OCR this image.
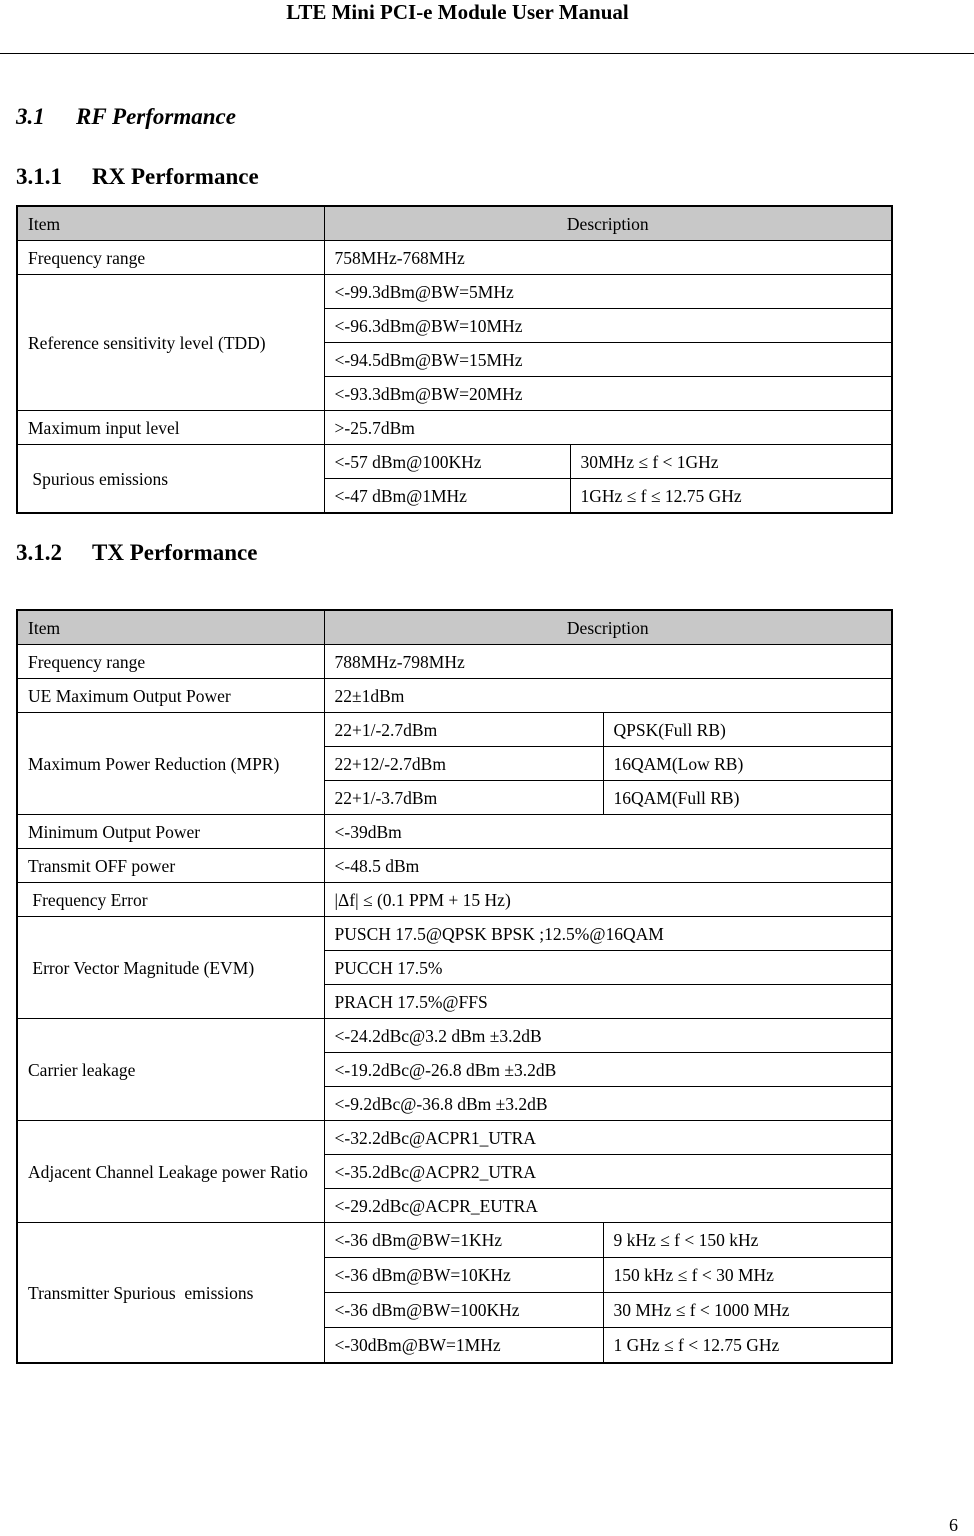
LTE Mini PCI-e Module User Manual
3.1 RF Performance
3.1.1 RX Performance
Item	Description	
Frequency range	758MHz-768MHz	
Reference sensitivity level (TDD)	<-99.3dBm@BW=5MHz	
	<-96.3dBm@BW=10MHz	
	<-94.5dBm@BW=15MHz	
	<-93.3dBm@BW=20MHz	
Maximum input level	>-25.7dBm	
Spurious emissions	<-57 dBm@100KHz	30MHz ≤ f < 1GHz
	<-47 dBm@1MHz	1GHz ≤ f ≤ 12.75 GHz
3.1.2 TX Performance
Item	Description	
Frequency range	788MHz-798MHz	
UE Maximum Output Power	22±1dBm	
Maximum Power Reduction (MPR)	22+1/-2.7dBm	QPSK(Full RB)
	22+12/-2.7dBm	16QAM(Low RB)
	22+1/-3.7dBm	16QAM(Full RB)
Minimum Output Power	<-39dBm	
Transmit OFF power	<-48.5 dBm	
Frequency Error	|Δf| ≤ (0.1 PPM + 15 Hz)	
Error Vector Magnitude (EVM)	PUSCH 17.5@QPSK BPSK ;12.5%@16QAM	
	PUCCH 17.5%	
	PRACH 17.5%@FFS	
Carrier leakage	<-24.2dBc@3.2 dBm ±3.2dB	
	<-19.2dBc@-26.8 dBm ±3.2dB	
	<-9.2dBc@-36.8 dBm ±3.2dB	
Adjacent Channel Leakage power Ratio	<-32.2dBc@ACPR1_UTRA	
	<-35.2dBc@ACPR2_UTRA	
	<-29.2dBc@ACPR_EUTRA	
Transmitter Spurious  emissions	<-36 dBm@BW=1KHz	9 kHz ≤ f < 150 kHz
	<-36 dBm@BW=10KHz	150 kHz ≤ f < 30 MHz
	<-36 dBm@BW=100KHz	30 MHz ≤ f < 1000 MHz
	<-30dBm@BW=1MHz	1 GHz ≤ f < 12.75 GHz
6
